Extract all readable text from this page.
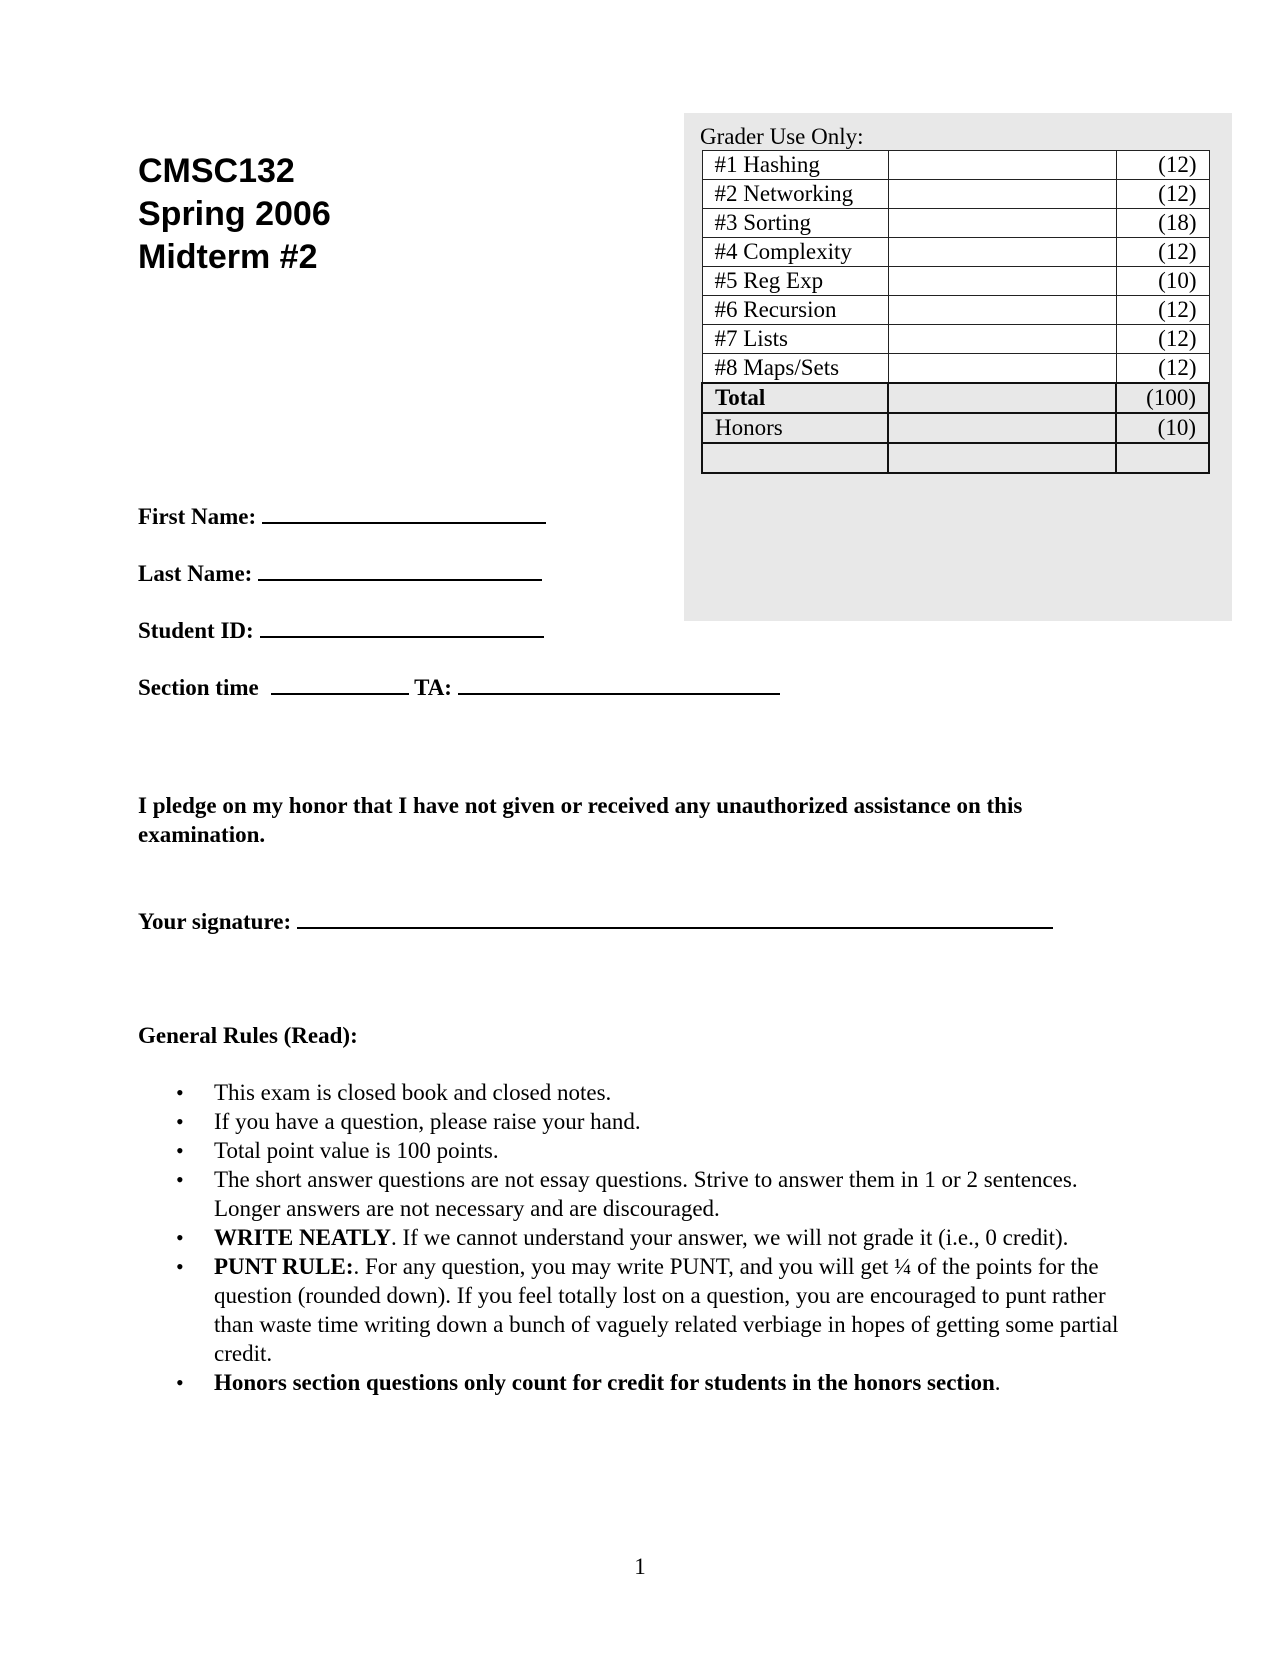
CMSC132
Spring 2006
Midterm #2
Grader Use Only:
#1 Hashing		(12)
#2 Networking		(12)
#3 Sorting		(18)
#4 Complexity		(12)
#5 Reg Exp		(10)
#6 Recursion		(12)
#7 Lists		(12)
#8 Maps/Sets		(12)
Total		(100)
Honors		(10)

First Name:
Last Name:
Student ID:
Section time	TA:
I pledge on my honor that I have not given or received any unauthorized assistance on this examination.
Your signature:
General Rules (Read):
• This exam is closed book and closed notes.
• If you have a question, please raise your hand.
• Total point value is 100 points.
• The short answer questions are not essay questions. Strive to answer them in 1 or 2 sentences. Longer answers are not necessary and are discouraged.
• WRITE NEATLY. If we cannot understand your answer, we will not grade it (i.e., 0 credit).
• PUNT RULE:. For any question, you may write PUNT, and you will get ¼ of the points for the question (rounded down). If you feel totally lost on a question, you are encouraged to punt rather than waste time writing down a bunch of vaguely related verbiage in hopes of getting some partial credit.
• Honors section questions only count for credit for students in the honors section.
1
